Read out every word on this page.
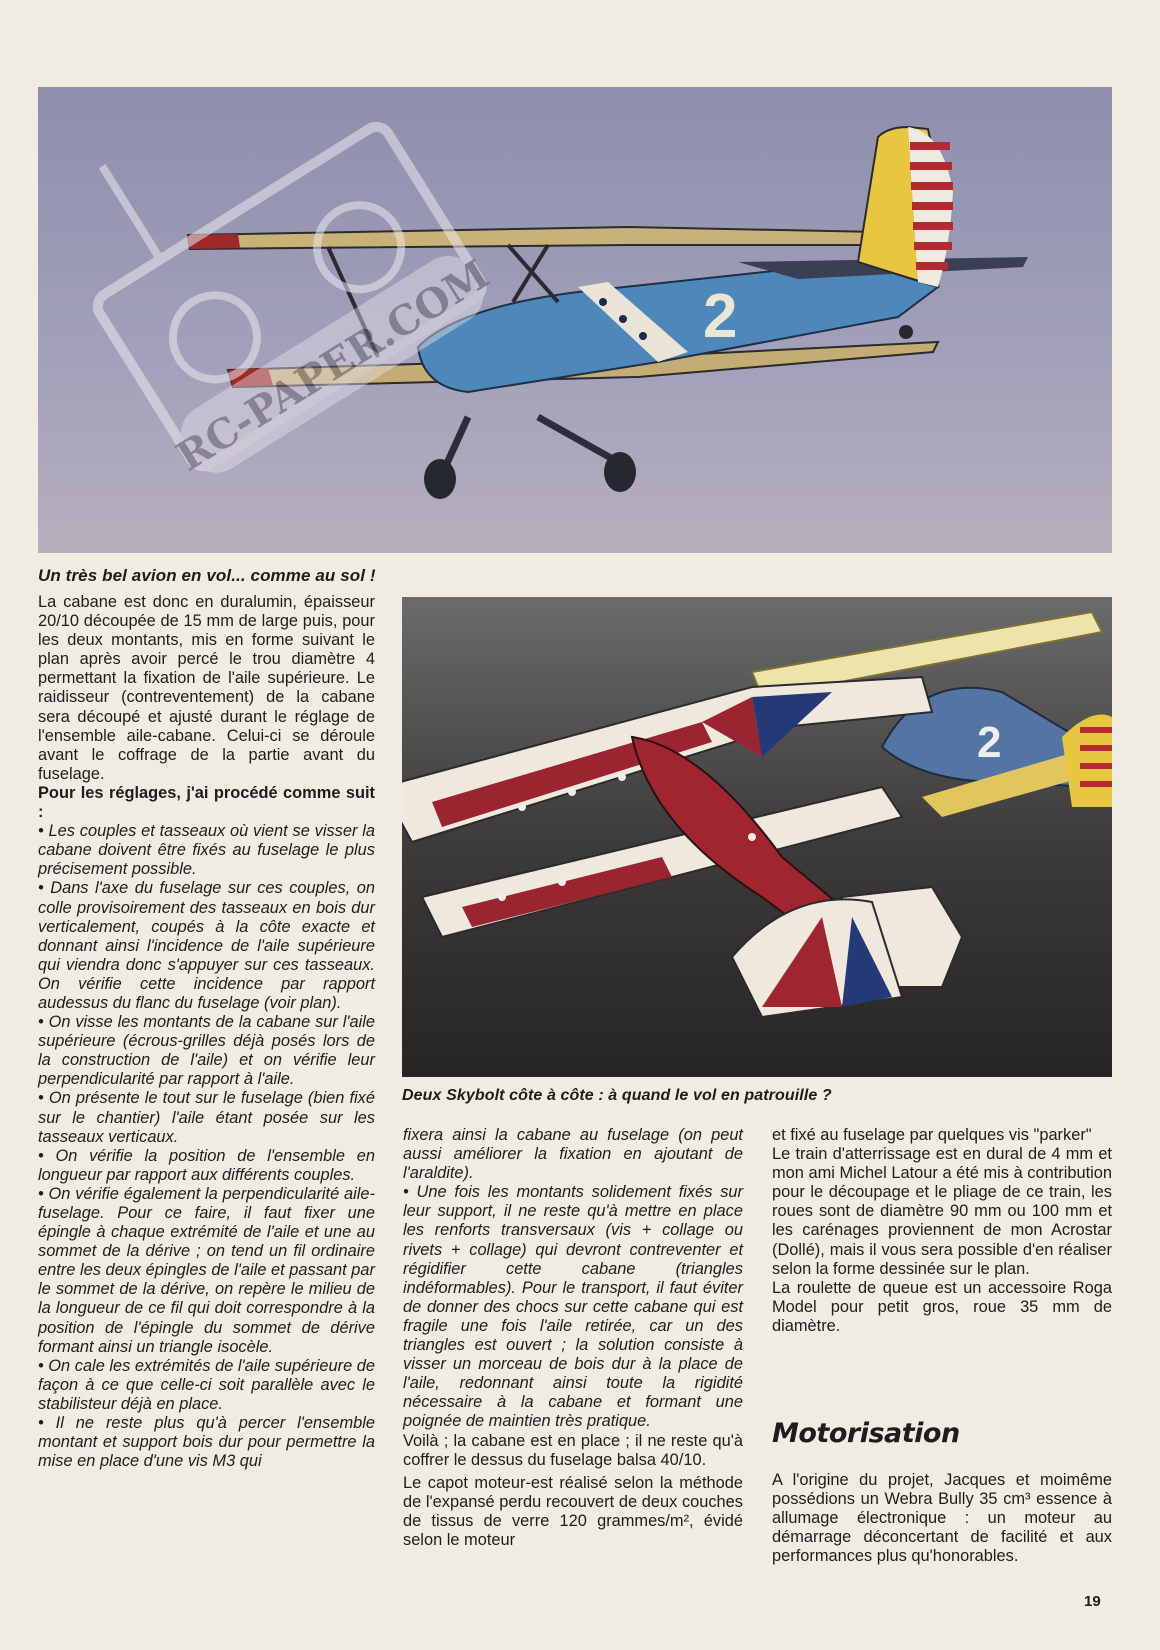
2
RC-PAPER.COM
Un très bel avion en vol... comme au sol !
2
Deux Skybolt côte à côte : à quand le vol en patrouille ?

La cabane est donc en duralumin, épaisseur 20/10 découpée de 15 mm de large puis, pour les deux montants, mis en forme suivant le plan après avoir percé le trou diamètre 4 permettant la fixation de l'aile supérieure. Le raidisseur (contreventement) de la cabane sera découpé et ajusté durant le réglage de l'ensemble aile-cabane. Celui-ci se déroule avant le coffrage de la partie avant du fuselage.

Pour les réglages, j'ai procédé comme suit :

• Les couples et tasseaux où vient se visser la cabane doivent être fixés au fuselage le plus précisement possible.

• Dans l'axe du fuselage sur ces couples, on colle provisoirement des tasseaux en bois dur verticalement, coupés à la côte exacte et donnant ainsi l'incidence de l'aile supérieure qui viendra donc s'appuyer sur ces tasseaux. On vérifie cette incidence par rapport audessus du flanc du fuselage (voir plan).

• On visse les montants de la cabane sur l'aile supérieure (écrous-grilles déjà posés lors de la construction de l'aile) et on vérifie leur perpendicularité par rapport à l'aile.

• On présente le tout sur le fuselage (bien fixé sur le chantier) l'aile étant posée sur les tasseaux verticaux.

• On vérifie la position de l'ensemble en longueur par rapport aux différents couples.

• On vérifie également la perpendicularité aile-fuselage. Pour ce faire, il faut fixer une épingle à chaque extrémité de l'aile et une au sommet de la dérive ; on tend un fil ordinaire entre les deux épingles de l'aile et passant par le sommet de la dérive, on repère le milieu de la longueur de ce fil qui doit correspondre à la position de l'épingle du sommet de dérive formant ainsi un triangle isocèle.

• On cale les extrémités de l'aile supérieure de façon à ce que celle-ci soit parallèle avec le stabilisteur déjà en place.

• Il ne reste plus qu'à percer l'ensemble montant et support bois dur pour permettre la mise en place d'une vis M3 qui

fixera ainsi la cabane au fuselage (on peut aussi améliorer la fixation en ajoutant de l'araldite).

• Une fois les montants solidement fixés sur leur support, il ne reste qu'à mettre en place les renforts transversaux (vis + collage ou rivets + collage) qui devront contreventer et régidifier cette cabane (triangles indéformables). Pour le transport, il faut éviter de donner des chocs sur cette cabane qui est fragile une fois l'aile retirée, car un des triangles est ouvert ; la solution consiste à visser un morceau de bois dur à la place de l'aile, redonnant ainsi toute la rigidité nécessaire à la cabane et formant une poignée de maintien très pratique.

Voilà ; la cabane est en place ; il ne reste qu'à coffrer le dessus du fuselage balsa 40/10.

Le capot moteur-est réalisé selon la méthode de l'expansé perdu recouvert de deux couches de tissus de verre 120 grammes/m², évidé selon le moteur

et fixé au fuselage par quelques vis "parker"

Le train d'atterrissage est en dural de 4 mm et mon ami Michel Latour a été mis à contribution pour le découpage et le pliage de ce train, les roues sont de diamètre 90 mm ou 100 mm et les carénages proviennent de mon Acrostar (Dollé), mais il vous sera possible d'en réaliser selon la forme dessinée sur le plan.

La roulette de queue est un accessoire Roga Model pour petit gros, roue 35 mm de diamètre.

Motorisation

A l'origine du projet, Jacques et moimême possédions un Webra Bully 35 cm³ essence à allumage électronique : un moteur au démarrage déconcertant de facilité et aux performances plus qu'honorables.

19
